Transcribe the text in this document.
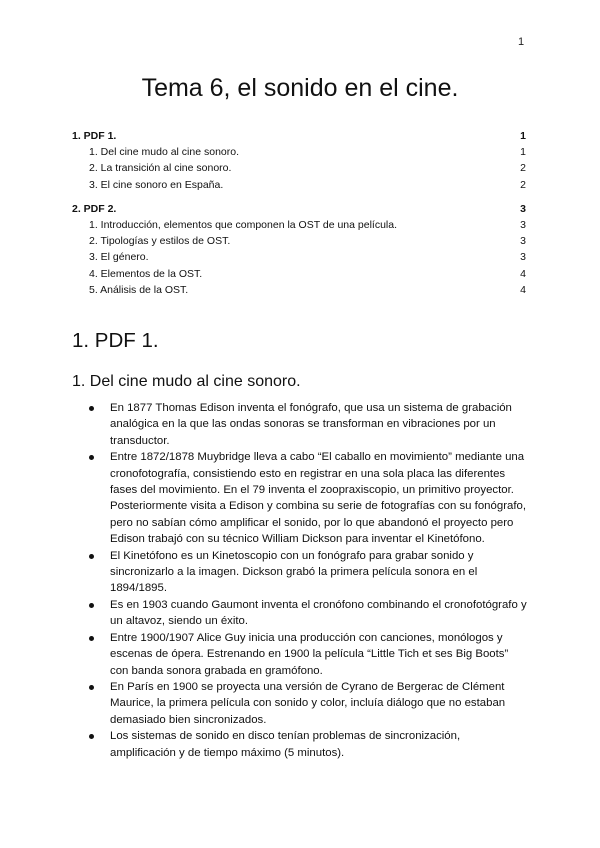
1
Tema 6, el sonido en el cine.
1. PDF 1.	1
1. Del cine mudo al cine sonoro.	1
2. La transición al cine sonoro.	2
3. El cine sonoro en España.	2
2. PDF 2.	3
1. Introducción, elementos que componen la OST de una película.	3
2. Tipologías y estilos de OST.	3
3. El género.	3
4. Elementos de la OST.	4
5. Análisis de la OST.	4
1. PDF 1.
1. Del cine mudo al cine sonoro.
En 1877 Thomas Edison inventa el fonógrafo, que usa un sistema de grabación analógica en la que las ondas sonoras se transforman en vibraciones por un transductor.
Entre 1872/1878 Muybridge lleva a cabo “El caballo en movimiento” mediante una cronofotografía, consistiendo esto en registrar en una sola placa las diferentes fases del movimiento. En el 79 inventa el zoopraxiscopio, un primitivo proyector. Posteriormente visita a Edison y combina su serie de fotografías con su fonógrafo, pero no sabían cómo amplificar el sonido, por lo que abandonó el proyecto pero Edison trabajó con su técnico William Dickson para inventar el Kinetófono.
El Kinetófono es un Kinetoscopio con un fonógrafo para grabar sonido y sincronizarlo a la imagen. Dickson grabó la primera película sonora en el 1894/1895.
Es en 1903 cuando Gaumont inventa el cronófono combinando el cronofotógrafo y un altavoz, siendo un éxito.
Entre 1900/1907 Alice Guy inicia una producción con canciones, monólogos y escenas de ópera. Estrenando en 1900 la película “Little Tich et ses Big Boots” con banda sonora grabada en gramófono.
En París en 1900 se proyecta una versión de Cyrano de Bergerac de Clément Maurice, la primera película con sonido y color, incluía diálogo que no estaban demasiado bien sincronizados.
Los sistemas de sonido en disco tenían problemas de sincronización, amplificación y de tiempo máximo (5 minutos).
